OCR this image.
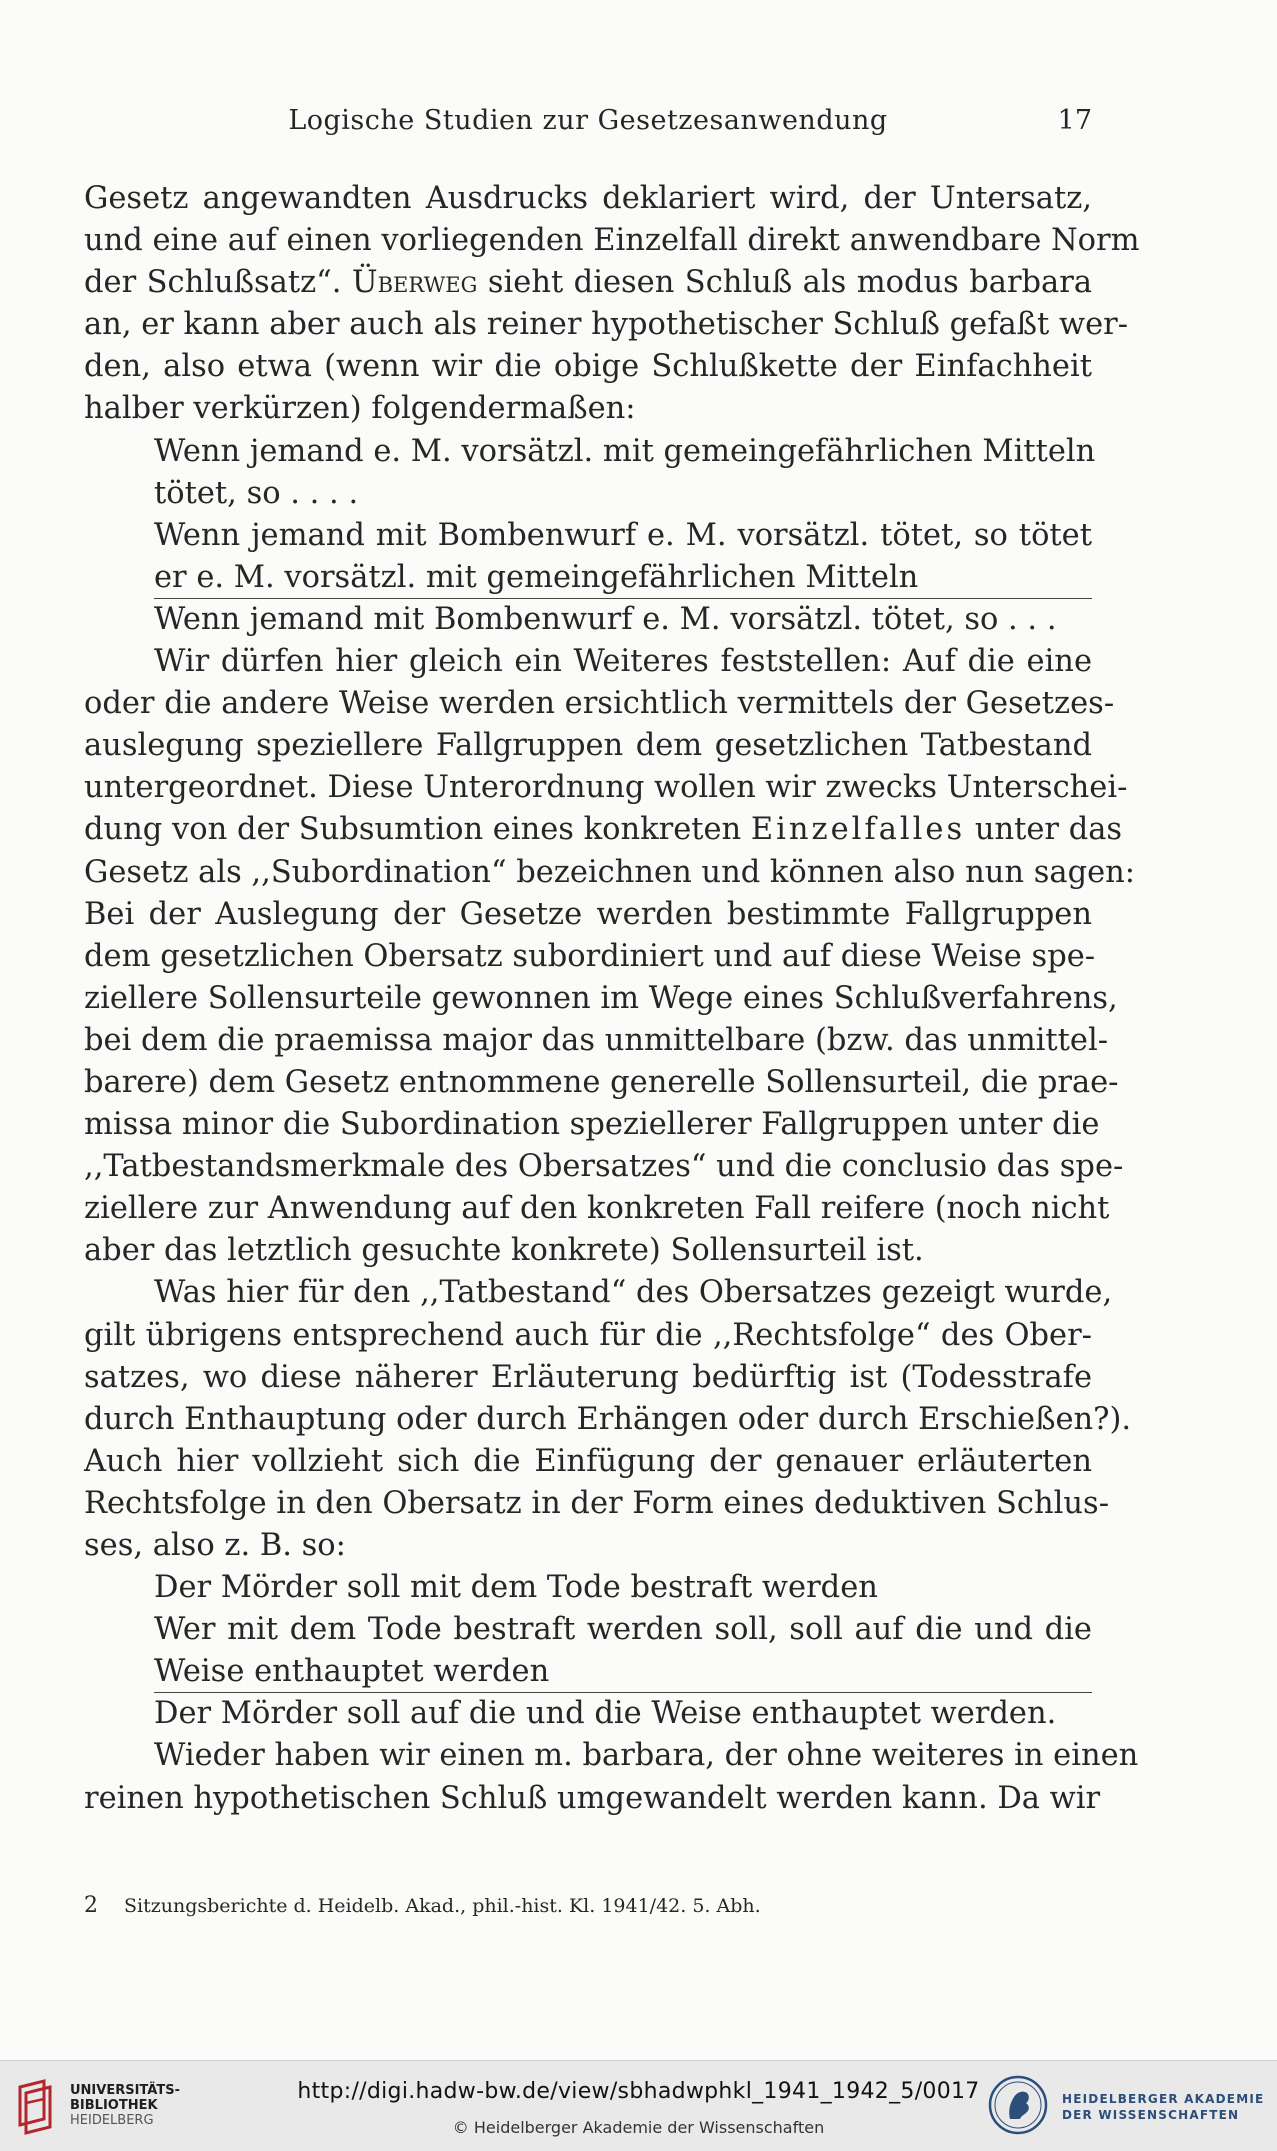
Logische Studien zur Gesetzesanwendung	17
Gesetz angewandten Ausdrucks deklariert wird, der Untersatz,
und eine auf einen vorliegenden Einzelfall direkt anwendbare Norm
der Schlußsatz“. Überweg sieht diesen Schluß als modus barbara
an, er kann aber auch als reiner hypothetischer Schluß gefaßt wer-
den, also etwa (wenn wir die obige Schlußkette der Einfachheit
halber verkürzen) folgendermaßen:
Wenn jemand e. M. vorsätzl. mit gemeingefährlichen Mitteln
tötet, so . . . .
Wenn jemand mit Bombenwurf e. M. vorsätzl. tötet, so tötet
er e. M. vorsätzl. mit gemeingefährlichen Mitteln
Wenn jemand mit Bombenwurf e. M. vorsätzl. tötet, so . . .
Wir dürfen hier gleich ein Weiteres feststellen: Auf die eine
oder die andere Weise werden ersichtlich vermittels der Gesetzes-
auslegung speziellere Fallgruppen dem gesetzlichen Tatbestand
untergeordnet. Diese Unterordnung wollen wir zwecks Unterschei-
dung von der Subsumtion eines konkreten Einzelfalles unter das
Gesetz als ,,Subordination“ bezeichnen und können also nun sagen:
Bei der Auslegung der Gesetze werden bestimmte Fallgruppen
dem gesetzlichen Obersatz subordiniert und auf diese Weise spe-
ziellere Sollensurteile gewonnen im Wege eines Schlußverfahrens,
bei dem die praemissa major das unmittelbare (bzw. das unmittel-
barere) dem Gesetz entnommene generelle Sollensurteil, die prae-
missa minor die Subordination speziellerer Fallgruppen unter die
,,Tatbestandsmerkmale des Obersatzes“ und die conclusio das spe-
ziellere zur Anwendung auf den konkreten Fall reifere (noch nicht
aber das letztlich gesuchte konkrete) Sollensurteil ist.
Was hier für den ,,Tatbestand“ des Obersatzes gezeigt wurde,
gilt übrigens entsprechend auch für die ,,Rechtsfolge“ des Ober-
satzes, wo diese näherer Erläuterung bedürftig ist (Todesstrafe
durch Enthauptung oder durch Erhängen oder durch Erschießen?).
Auch hier vollzieht sich die Einfügung der genauer erläuterten
Rechtsfolge in den Obersatz in der Form eines deduktiven Schlus-
ses, also z. B. so:
Der Mörder soll mit dem Tode bestraft werden
Wer mit dem Tode bestraft werden soll, soll auf die und die
Weise enthauptet werden
Der Mörder soll auf die und die Weise enthauptet werden.
Wieder haben wir einen m. barbara, der ohne weiteres in einen
reinen hypothetischen Schluß umgewandelt werden kann. Da wir
2 Sitzungsberichte d. Heidelb. Akad., phil.-hist. Kl. 1941/42. 5. Abh.
UNIVERSITÄTS-
BIBLIOTHEK
HEIDELBERG
http://digi.hadw-bw.de/view/sbhadwphkl_1941_1942_5/0017
© Heidelberger Akademie der Wissenschaften
HEIDELBERGER AKADEMIE
DER WISSENSCHAFTEN
